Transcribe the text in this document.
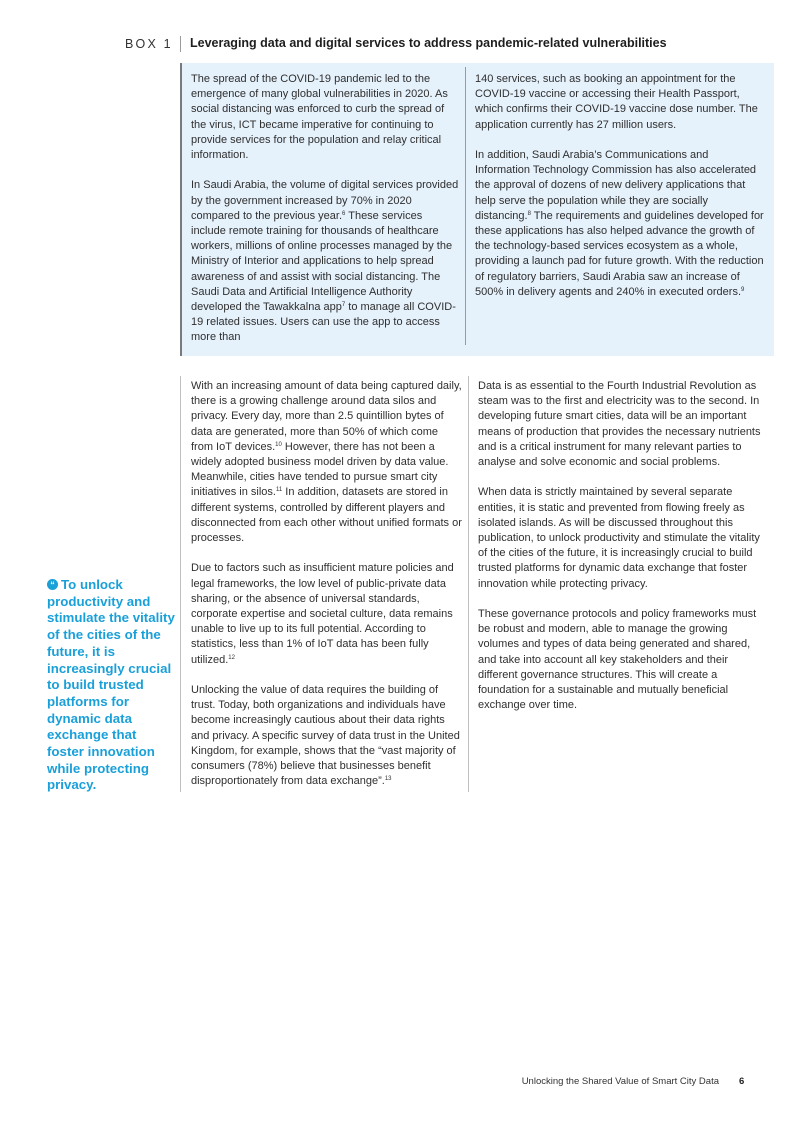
BOX 1 Leveraging data and digital services to address pandemic-related vulnerabilities

The spread of the COVID-19 pandemic led to the emergence of many global vulnerabilities in 2020. As social distancing was enforced to curb the spread of the virus, ICT became imperative for continuing to provide services for the population and relay critical information.

In Saudi Arabia, the volume of digital services provided by the government increased by 70% in 2020 compared to the previous year.$^6$ These services include remote training for thousands of healthcare workers, millions of online processes managed by the Ministry of Interior and applications to help spread awareness of and assist with social distancing. The Saudi Data and Artificial Intelligence Authority developed the Tawakkalna app$^7$ to manage all COVID-19 related issues. Users can use the app to access more than

140 services, such as booking an appointment for the COVID-19 vaccine or accessing their Health Passport, which confirms their COVID-19 vaccine dose number. The application currently has 27 million users.

In addition, Saudi Arabia’s Communications and Information Technology Commission has also accelerated the approval of dozens of new delivery applications that help serve the population while they are socially distancing.$^8$ The requirements and guidelines developed for these applications has also helped advance the growth of the technology-based services ecosystem as a whole, providing a launch pad for future growth. With the reduction of regulatory barriers, Saudi Arabia saw an increase of 500% in delivery agents and 240% in executed orders.$^9$

With an increasing amount of data being captured daily, there is a growing challenge around data silos and privacy. Every day, more than 2.5 quintillion bytes of data are generated, more than 50% of which come from IoT devices.$^{10}$ However, there has not been a widely adopted business model driven by data value. Meanwhile, cities have tended to pursue smart city initiatives in silos.$^{11}$ In addition, datasets are stored in different systems, controlled by different players and disconnected from each other without unified formats or processes.

Due to factors such as insufficient mature policies and legal frameworks, the low level of public-private data sharing, or the absence of universal standards, corporate expertise and societal culture, data remains unable to live up to its full potential. According to statistics, less than 1% of IoT data has been fully utilized.$^{12}$

Unlocking the value of data requires the building of trust. Today, both organizations and individuals have become increasingly cautious about their data rights and privacy. A specific survey of data trust in the United Kingdom, for example, shows that the “vast majority of consumers (78%) believe that businesses benefit disproportionately from data exchange”.$^{13}$

Data is as essential to the Fourth Industrial Revolution as steam was to the first and electricity was to the second. In developing future smart cities, data will be an important means of production that provides the necessary nutrients and is a critical instrument for many relevant parties to analyse and solve economic and social problems.

When data is strictly maintained by several separate entities, it is static and prevented from flowing freely as isolated islands. As will be discussed throughout this publication, to unlock productivity and stimulate the vitality of the cities of the future, it is increasingly crucial to build trusted platforms for dynamic data exchange that foster innovation while protecting privacy.

These governance protocols and policy frameworks must be robust and modern, able to manage the growing volumes and types of data being generated and shared, and take into account all key stakeholders and their different governance structures. This will create a foundation for a sustainable and mutually beneficial exchange over time.

“ To unlock productivity and stimulate the vitality of the cities of the future, it is increasingly crucial to build trusted platforms for dynamic data exchange that foster innovation while protecting privacy.
Unlocking the Shared Value of Smart City Data 6
